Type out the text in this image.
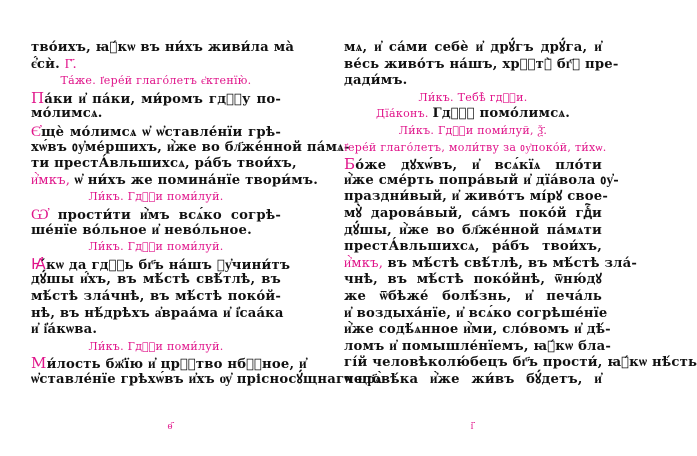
тво́ихъ, ꙗ҆́кѡ въ ни́хъ живи́ла ма̀
є҆́сѝ. Г҃.
Та́же. І҆ере́й глаго́летъ є҆ктенїю̀.
Па́ки и҆ па́ки, ми́ромъ гдⷭ҇у по-
мо́лимсѧ.
Є҆щѐ мо́лимсѧ ѡ҆ ѡ҆ставле́нїи грѣ-
хѡ́въ ᲂу҆ме́ршихъ, и҆̀же во бл҃же́нной па́мѧ-
ти престА́вльшихсѧ, ра́бъ твои́хъ,
и҆̀мкъ, ѡ҆ ни́хъ же помина́нїе твори́мъ.
Ли́къ. Гдⷭ҇и поми́луй.
Ѡ҆ прости́ти и҆̀мъ всѧ́ко согрѣ-
ше́нїе во́льное и҆ нево́льное.
Ли́къ. Гдⷭ҇и поми́луй.
Ꙗ҆́кѡ да гдⷭ҇ь бг҃ъ на́шъ ᲂу҆чини́тъ
дꙋ́шы и҆́хъ, въ мѣ́стѣ свѣ́тлѣ, въ
мѣ́стѣ зла́чнѣ, въ мѣ́стѣ поко́й-
нѣ, въ нѣ́дрѣхъ а҆враа́ма и҆ і҆саа́ка
и҆ і҆а́кѡва.
Ли́къ. Гдⷭ҇и поми́луй.
Ми́лость бж҃їю и҆ црⷭ҇тво нбⷭ҇ное, и҆
ѡ҆ставле́нїе грѣхѡ́въ и҆хъ ѹ҆ прісносꙋ́щнагѡ цр҃ѧ̀
мѧ, и҆ са́ми себѐ и҆ дрꙋ́гъ дрꙋ́га, и҆
ве́сь живо́тъ на́шъ, хрⷭ҇тꙋ̀ бг҃ꙋ пре-
дади́мъ.
Ли́къ. Тебѣ̀ гдⷭ҇и.
Дїа́конъ. Гдⷭ҇ꙋ помо́лимсѧ.
Ли́къ. Гдⷭ҇и поми́луй, Ѯ҃.
І҆ере́й глаго́летъ, моли́тву за ᲂу҆поко́й, ти́хѡ.
Бо́же дꙋхѡ́въ, и҆ всѧ́кїѧ пло́ти
и҆̀же сме́рть попра́вый и҆ дїа́вола ᲂу҆-
праздни́вый, и҆ живо́тъ мі́рꙋ свое-
мꙋ̀ дарова́вый, са́мъ поко́й гдⷭ҇и
дꙋ́шы, и҆̀же во бл҃же́нной па́мѧти
престА́вльшихсѧ, ра́бъ твои́хъ,
и҆̀мкъ, въ мѣ́стѣ свѣ́тлѣ, въ мѣ́стѣ зла́-
чнѣ, въ мѣ́стѣ поко́йнѣ, ѿню́дꙋ
же ѿбѣже́ болѣ́знь, и҆ печа́ль
и҆ воздыха́нїе, и҆ всѧ́ко согрѣше́нїе
и҆̀же содѣ́ѧнное и҆̀ми, сло́вомъ и҆ дѣ́-
ломъ и҆ помышле́нїемъ, ꙗ҆́кѡ бла-
гі́й человѣколю́бецъ бг҃ъ прости́, ꙗ҆́кѡ нѣ́сть
человѣ́ка и҆̀же жи́въ бꙋ́детъ, и҆
ѳ҃	і҃
